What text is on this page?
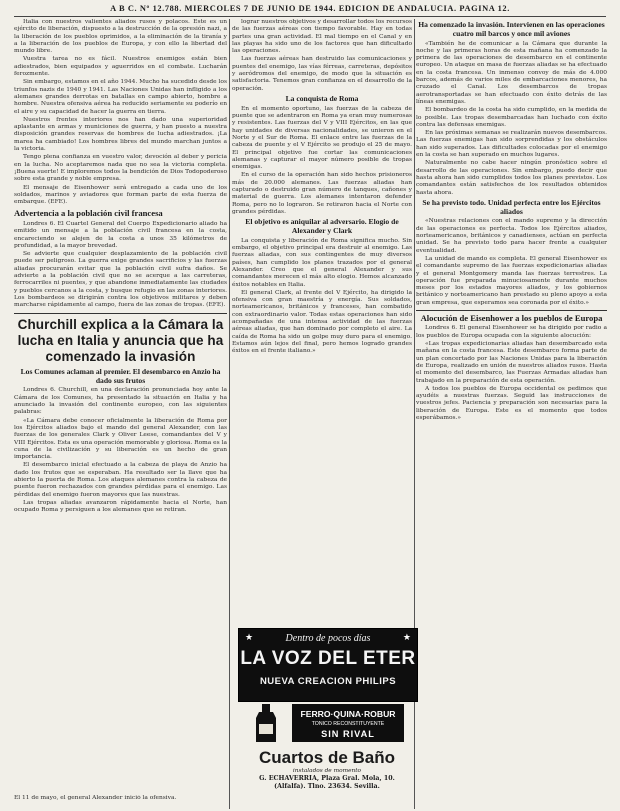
A B C. Nº 12.788. MIERCOLES 7 DE JUNIO DE 1944. EDICION DE ANDALUCIA. PAGINA 12.

Italia con nuestros valientes aliados rusos y polacos. Este es un ejército de liberación, dispuesto a la destrucción de la opresión nazi, a la liberación de los pueblos oprimidos, a la eliminación de la tiranía y a la liberación de los pueblos de Europa, y con ello la libertad del mundo libre.

Vuestra tarea no es fácil. Nuestros enemigos están bien adiestrados, bien equipados y aguerridos en el combate. Lucharán ferozmente.

Sin embargo, estamos en el año 1944. Mucho ha sucedido desde los triunfos nazis de 1940 y 1941. Las Naciones Unidas han infligido a los alemanes grandes derrotas en batallas en campo abierto, hombre a hombre. Nuestra ofensiva aérea ha reducido seriamente su poderío en el aire y su capacidad de hacer la guerra en tierra.

Nuestros frentes interiores nos han dado una superioridad aplastante en armas y municiones de guerra, y han puesto a nuestra disposición grandes reservas de hombres de lucha adiestrados. ¡La marea ha cambiado! Los hombres libres del mundo marchan juntos a la victoria.

Tengo plena confianza en vuestro valor, devoción al deber y pericia en la lucha. No aceptaremos nada que no sea la victoria completa. ¡Buena suerte! E imploremos todos la bendición de Dios Todopoderoso sobre esta grande y noble empresa.

El mensaje de Eisenhower será entregado a cada uno de los soldados, marinos y aviadores que forman parte de esta fuerza de embarque. (EFE).

Advertencia a la población civil francesa

Londres 6. El Cuartel General del Cuerpo Expedicionario aliado ha emitido un mensaje a la población civil francesa en la costa, encareciendo se alejen de la costa a unos 35 kilómetros de profundidad, a la mayor brevedad.

Se advierte que cualquier desplazamiento de la población civil puede ser peligroso. La guerra exige grandes sacrificios y las fuerzas aliadas procurarán evitar que la población civil sufra daños. Se advierte a la población civil que no se acerque a las carreteras, ferrocarriles ni puentes, y que abandone inmediatamente las ciudades y pueblos cercanos a la costa, y busque refugio en las zonas interiores. Los bombardeos se dirigirán contra los objetivos militares y deben marcharse rápidamente al campo, fuera de las zonas de tropas. (EFE).

Churchill explica a la Cámara la lucha en Italia y anuncia que ha comenzado la invasión
Los Comunes aclaman al premier. El desembarco en Anzio ha dado sus frutos

Londres 6. Churchill, en una declaración pronunciada hoy ante la Cámara de los Comunes, ha presentado la situación en Italia y ha anunciado la invasión del continente europeo, con las siguientes palabras:

«La Cámara debe conocer oficialmente la liberación de Roma por los Ejércitos aliados bajo el mando del general Alexander, con las fuerzas de los generales Clark y Oliver Leese, comandantes del V y VIII Ejércitos. Esta es una operación memorable y gloriosa. Roma es la cuna de la civilización y su liberación es un hecho de gran importancia.

El desembarco inicial efectuado a la cabeza de playa de Anzio ha dado los frutos que se esperaban. Ha resultado ser la llave que ha abierto la puerta de Roma. Los ataques alemanes contra la cabeza de puente fueron rechazados con grandes pérdidas para el enemigo. Las pérdidas del enemigo fueron mayores que las nuestras.

Las tropas aliadas avanzaron rápidamente hacia el Norte, han ocupado Roma y persiguen a los alemanes que se retiran.

El 11 de mayo, el general Alexander inició la ofensiva.

lograr nuestros objetivos y desarrollar todos los recursos de las fuerzas aéreas con tiempo favorable. Hay en todas partes una gran actividad. El mal tiempo en el Canal y en las playas ha sido uno de los factores que han dificultado las operaciones.

Las fuerzas aéreas han destruido las comunicaciones y puentes del enemigo, las vías férreas, carreteras, depósitos y aeródromos del enemigo, de modo que la situación es satisfactoria. Tenemos gran confianza en el desarrollo de la operación.

La conquista de Roma

En el momento oportuno, las fuerzas de la cabeza de puente que se adentraron en Roma ya eran muy numerosas y resistentes. Las fuerzas del V y VIII Ejércitos, en las que hay unidades de diversas nacionalidades, se unieron en el Norte y el Sur de Roma. El enlace entre las fuerzas de la cabeza de puente y el V Ejército se produjo el 25 de mayo. El principal objetivo fue cortar las comunicaciones alemanas y capturar el mayor número posible de tropas enemigas.

En el curso de la operación han sido hechos prisioneros más de 20.000 alemanes. Las fuerzas aliadas han capturado o destruido gran número de tanques, cañones y material de guerra. Los alemanes intentaron defender Roma, pero no lo lograron. Se retiraron hacia el Norte con grandes pérdidas.

El objetivo es aniquilar al adversario. Elogio de Alexander y Clark

La conquista y liberación de Roma significa mucho. Sin embargo, el objetivo principal era destruir al enemigo. Las fuerzas aliadas, con sus contingentes de muy diversos países, han cumplido los planes trazados por el general Alexander. Creo que el general Alexander y sus comandantes merecen el más alto elogio. Hemos alcanzado éxitos notables en Italia.

El general Clark, al frente del V Ejército, ha dirigido la ofensiva con gran maestría y energía. Sus soldados, norteamericanos, británicos y franceses, han combatido con extraordinario valor. Todas estas operaciones han sido acompañadas de una intensa actividad de las fuerzas aéreas aliadas, que han dominado por completo el aire. La caída de Roma ha sido un golpe muy duro para el enemigo. Estamos aún lejos del final, pero hemos logrado grandes éxitos en el frente italiano.»

★	★
Dentro de pocos días
LA VOZ DEL ETER
NUEVA CREACION PHILIPS
FERRO·QUINA·ROBUR
TONICO RECONSTITUYENTE
SIN RIVAL
Cuartos de Baño
instalados de momento
G. ECHAVERRIA, Plaza Gral. Mola, 10.
(Alfalfa). Tlno. 23634. Sevilla.
Ha comenzado la invasión. Intervienen en las operaciones cuatro mil barcos y once mil aviones

«También he de comunicar a la Cámara que durante la noche y las primeras horas de esta mañana ha comenzado la primera de las operaciones de desembarco en el continente europeo. Un ataque en masa de fuerzas aliadas se ha efectuado en la costa francesa. Un inmenso convoy de más de 4.000 barcos, además de varios miles de embarcaciones menores, ha cruzado el Canal. Los desembarcos de tropas aerotransportadas se han efectuado con éxito detrás de las líneas enemigas.

El bombardeo de la costa ha sido cumplido, en la medida de lo posible. Las tropas desembarcadas han luchado con éxito contra las defensas enemigas.

En las próximas semanas se realizarán nuevos desembarcos. Las fuerzas enemigas han sido sorprendidas y los obstáculos han sido superados. Las dificultades colocadas por el enemigo en la costa se han superado en muchos lugares.

Naturalmente no cabe hacer ningún pronóstico sobre el desarrollo de las operaciones. Sin embargo, puedo decir que hasta ahora han sido cumplidos todos los planes previstos. Los comandantes están satisfechos de los resultados obtenidos hasta ahora.

Se ha previsto todo. Unidad perfecta entre los Ejércitos aliados

«Nuestras relaciones con el mando supremo y la dirección de las operaciones es perfecta. Todos los Ejércitos aliados, norteamericanos, británicos y canadienses, actúan en perfecta unidad. Se ha previsto todo para hacer frente a cualquier eventualidad.

La unidad de mando es completa. El general Eisenhower es el comandante supremo de las fuerzas expedicionarias aliadas y el general Montgomery manda las fuerzas terrestres. La operación fue preparada minuciosamente durante muchos meses por los estados mayores aliados, y los gobiernos británico y norteamericano han prestado su pleno apoyo a esta gran empresa, que esperamos sea coronada por el éxito.»

Alocución de Eisenhower a los pueblos de Europa

Londres 6. El general Eisenhower se ha dirigido por radio a los pueblos de Europa ocupada con la siguiente alocución:

«Las tropas expedicionarias aliadas han desembarcado esta mañana en la costa francesa. Este desembarco forma parte de un plan concertado por las Naciones Unidas para la liberación de Europa, realizado en unión de nuestros aliados rusos. Hasta el momento del desembarco, las Fuerzas Armadas aliadas han trabajado en la preparación de esta operación.

A todos los pueblos de Europa occidental os pedimos que ayudéis a nuestras fuerzas. Seguid las instrucciones de vuestros jefes. Paciencia y preparación son necesarias para la liberación de Europa. Este es el momento que todos esperábamos.»
